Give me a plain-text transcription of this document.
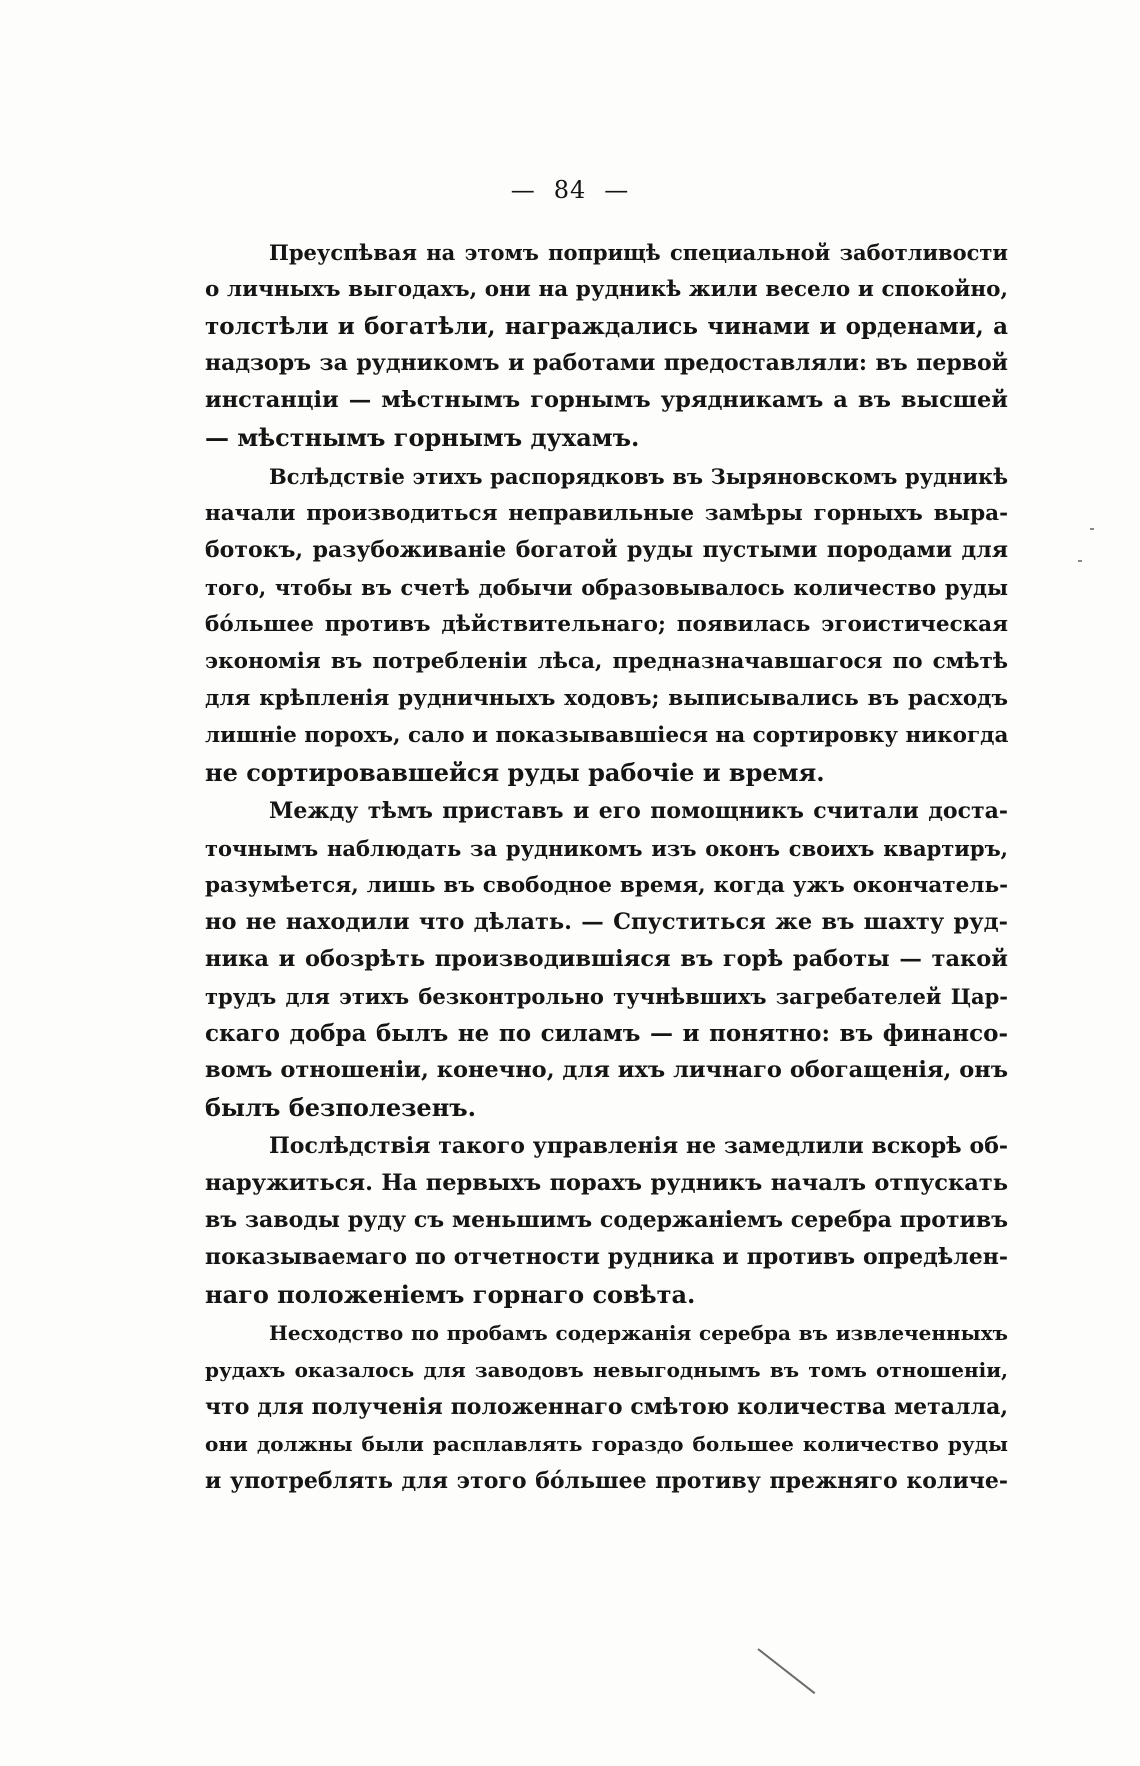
— 84 —
Преуспѣвая на этомъ поприщѣ специальной заботливости
о личныхъ выгодахъ, они на рудникѣ жили весело и спокойно,
толстѣли и богатѣли, награждались чинами и орденами, а
надзоръ за рудникомъ и работами предоставляли: въ первой
инстанціи — мѣстнымъ горнымъ урядникамъ а въ высшей
— мѣстнымъ горнымъ духамъ.
Вслѣдствіе этихъ распорядковъ въ Зыряновскомъ рудникѣ
начали производиться неправильные замѣры горныхъ выра-
ботокъ, разубоживаніе богатой руды пустыми породами для
того, чтобы въ счетѣ добычи образовывалось количество руды
бо́льшее противъ дѣйствительнаго; появилась эгоистическая
экономія въ потребленіи лѣса, предназначавшагося по смѣтѣ
для крѣпленія рудничныхъ ходовъ; выписывались въ расходъ
лишніе порохъ, сало и показывавшіеся на сортировку никогда
не сортировавшейся руды рабочіе и время.
Между тѣмъ приставъ и его помощникъ считали доста-
точнымъ наблюдать за рудникомъ изъ оконъ своихъ квартиръ,
разумѣется, лишь въ свободное время, когда ужъ окончатель-
но не находили что дѣлать. — Спуститься же въ шахту руд-
ника и обозрѣть производившіяся въ горѣ работы — такой
трудъ для этихъ безконтрольно тучнѣвшихъ загребателей Цар-
скаго добра былъ не по силамъ — и понятно: въ финансо-
вомъ отношеніи, конечно, для ихъ личнаго обогащенія, онъ
былъ безполезенъ.
Послѣдствія такого управленія не замедлили вскорѣ об-
наружиться. На первыхъ порахъ рудникъ началъ отпускать
въ заводы руду съ меньшимъ содержаніемъ серебра противъ
показываемаго по отчетности рудника и противъ опредѣлен-
наго положеніемъ горнаго совѣта.
Несходство по пробамъ содержанія серебра въ извлеченныхъ
рудахъ оказалось для заводовъ невыгоднымъ въ томъ отношеніи,
что для полученія положеннаго смѣтою количества металла,
они должны были расплавлять гораздо большее количество руды
и употреблять для этого бо́льшее противу прежняго количе-
